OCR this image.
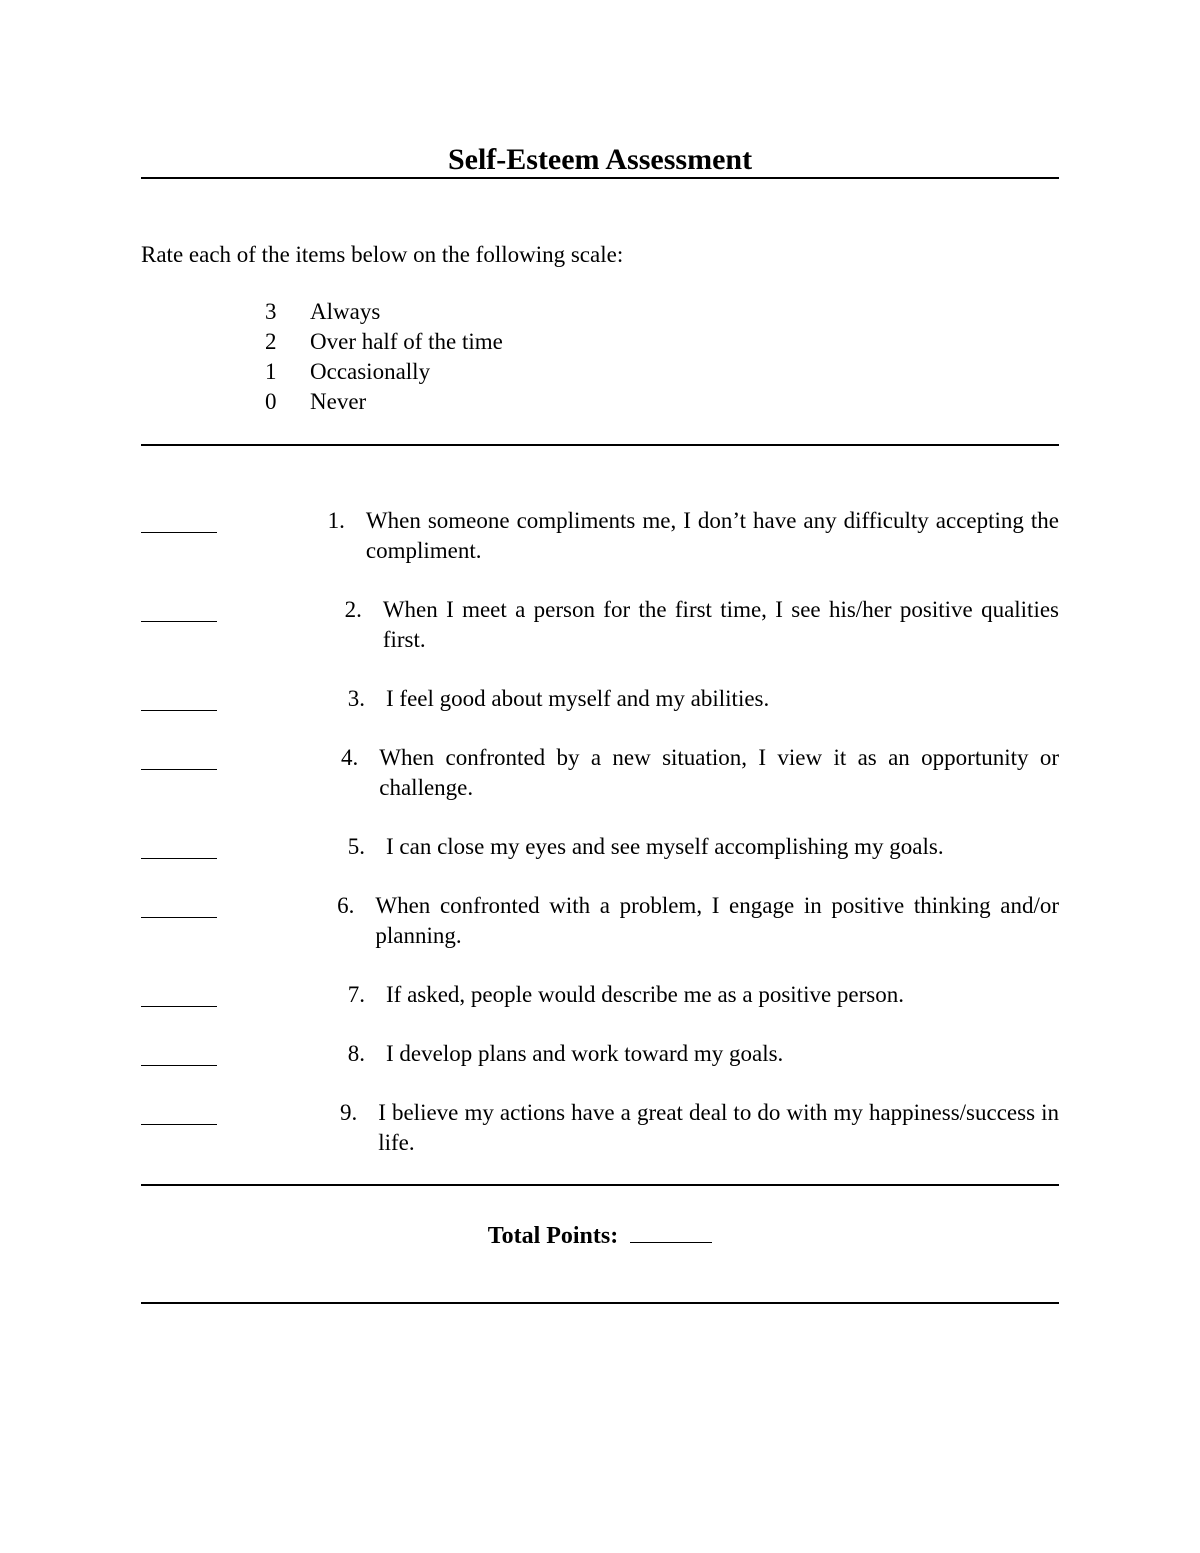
Self-Esteem Assessment
Rate each of the items below on the following scale:
3	Always
2	Over half of the time
1	Occasionally
0	Never
1. When someone compliments me, I don’t have any difficulty accepting the compliment.
2. When I meet a person for the first time, I see his/her positive qualities first.
3. I feel good about myself and my abilities.
4. When confronted by a new situation, I view it as an opportunity or challenge.
5. I can close my eyes and see myself accomplishing my goals.
6. When confronted with a problem, I engage in positive thinking and/or planning.
7. If asked, people would describe me as a positive person.
8. I develop plans and work toward my goals.
9. I believe my actions have a great deal to do with my happiness/success in life.
Total Points:
